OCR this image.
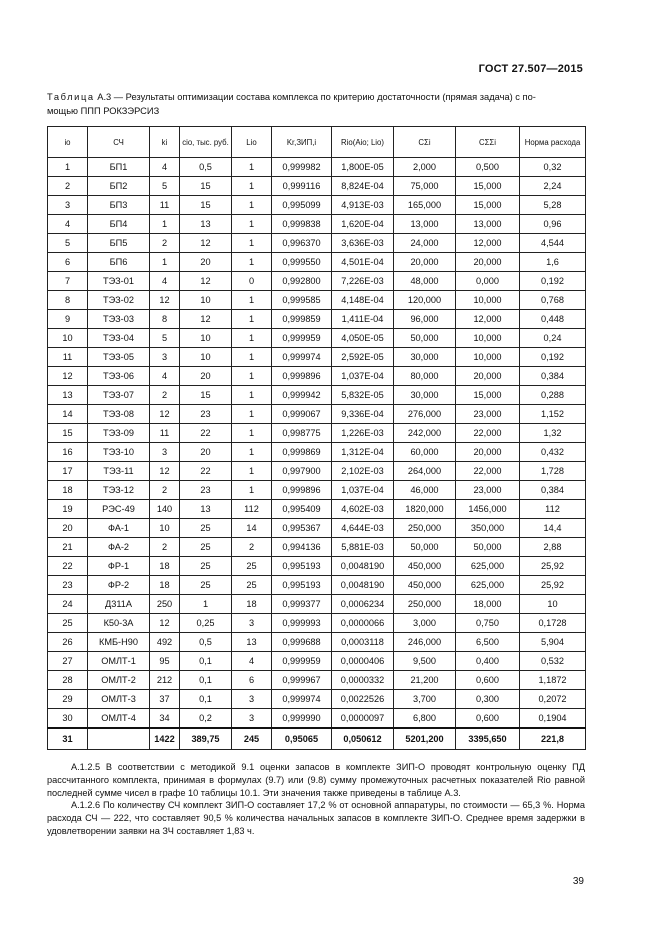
ГОСТ 27.507—2015
Таблица А.3 — Результаты оптимизации состава комплекса по критерию достаточности (прямая задача) с по-
мощью ППП РОКЗЭРСИЗ
io	СЧ	ki	cio, тыс. руб.	Lio	Kr,ЗИП,i	Rio(Aio; Lio)	CΣi	CΣΣi	Норма расхода
1	БП1	4	0,5	1	0,999982	1,800E-05	2,000	0,500	0,32
2	БП2	5	15	1	0,999116	8,824E-04	75,000	15,000	2,24
3	БП3	11	15	1	0,995099	4,913E-03	165,000	15,000	5,28
4	БП4	1	13	1	0,999838	1,620E-04	13,000	13,000	0,96
5	БП5	2	12	1	0,996370	3,636E-03	24,000	12,000	4,544
6	БП6	1	20	1	0,999550	4,501E-04	20,000	20,000	1,6
7	ТЭЗ-01	4	12	0	0,992800	7,226E-03	48,000	0,000	0,192
8	ТЭЗ-02	12	10	1	0,999585	4,148E-04	120,000	10,000	0,768
9	ТЭЗ-03	8	12	1	0,999859	1,411E-04	96,000	12,000	0,448
10	ТЭЗ-04	5	10	1	0,999959	4,050E-05	50,000	10,000	0,24
11	ТЭЗ-05	3	10	1	0,999974	2,592E-05	30,000	10,000	0,192
12	ТЭЗ-06	4	20	1	0,999896	1,037E-04	80,000	20,000	0,384
13	ТЭЗ-07	2	15	1	0,999942	5,832E-05	30,000	15,000	0,288
14	ТЭЗ-08	12	23	1	0,999067	9,336E-04	276,000	23,000	1,152
15	ТЭЗ-09	11	22	1	0,998775	1,226E-03	242,000	22,000	1,32
16	ТЭЗ-10	3	20	1	0,999869	1,312E-04	60,000	20,000	0,432
17	ТЭЗ-11	12	22	1	0,997900	2,102E-03	264,000	22,000	1,728
18	ТЭЗ-12	2	23	1	0,999896	1,037E-04	46,000	23,000	0,384
19	РЭС-49	140	13	112	0,995409	4,602E-03	1820,000	1456,000	112
20	ФА-1	10	25	14	0,995367	4,644E-03	250,000	350,000	14,4
21	ФА-2	2	25	2	0,994136	5,881E-03	50,000	50,000	2,88
22	ФР-1	18	25	25	0,995193	0,0048190	450,000	625,000	25,92
23	ФР-2	18	25	25	0,995193	0,0048190	450,000	625,000	25,92
24	Д311А	250	1	18	0,999377	0,0006234	250,000	18,000	10
25	К50-3А	12	0,25	3	0,999993	0,0000066	3,000	0,750	0,1728
26	КМБ-Н90	492	0,5	13	0,999688	0,0003118	246,000	6,500	5,904
27	ОМЛТ-1	95	0,1	4	0,999959	0,0000406	9,500	0,400	0,532
28	ОМЛТ-2	212	0,1	6	0,999967	0,0000332	21,200	0,600	1,1872
29	ОМЛТ-3	37	0,1	3	0,999974	0,0022526	3,700	0,300	0,2072
30	ОМЛТ-4	34	0,2	3	0,999990	0,0000097	6,800	0,600	0,1904
31		1422	389,75	245	0,95065	0,050612	5201,200	3395,650	221,8
А.1.2.5 В соответствии с методикой 9.1 оценки запасов в комплекте ЗИП-О проводят контрольную оценку ПД рассчитанного комплекта, принимая в формулах (9.7) или (9.8) сумму промежуточных расчетных показателей Rio равной последней сумме чисел в графе 10 таблицы 10.1. Эти значения также приведены в таблице А.3.
А.1.2.6 По количеству СЧ комплект ЗИП-О составляет 17,2 % от основной аппаратуры, по стоимости — 65,3 %. Норма расхода СЧ — 222, что составляет 90,5 % количества начальных запасов в комплекте ЗИП-О. Среднее время задержки в удовлетворении заявки на ЗЧ составляет 1,83 ч.
39
